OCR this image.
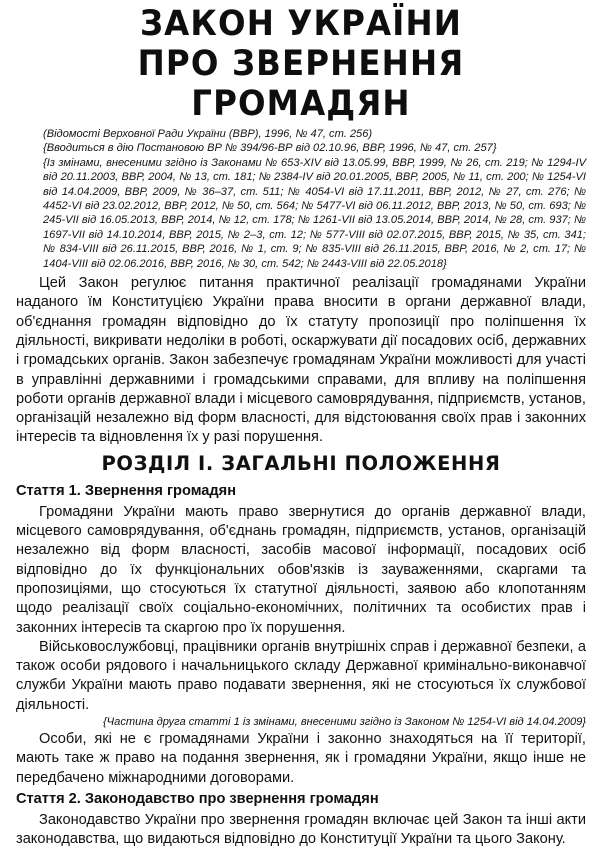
ЗАКОН УКРАЇНИ
ПРО ЗВЕРНЕННЯ ГРОМАДЯН

(Відомості Верховної Ради України (ВВР), 1996, № 47, ст. 256)

{Вводиться в дію Постановою ВР № 394/96-ВР від 02.10.96, ВВР, 1996, № 47, ст. 257}

{Із змінами, внесеними згідно із Законами № 653-XIV від 13.05.99, ВВР, 1999, № 26, ст. 219; № 1294-IV від 20.11.2003, ВВР, 2004, № 13, ст. 181; № 2384-IV від 20.01.2005, ВВР, 2005, № 11, ст. 200; № 1254-VI від 14.04.2009, ВВР, 2009, № 36–37, ст. 511; № 4054-VI від 17.11.2011, ВВР, 2012, № 27, ст. 276; № 4452-VI від 23.02.2012, ВВР, 2012, № 50, ст. 564; № 5477-VI від 06.11.2012, ВВР, 2013, № 50, ст. 693; № 245-VII від 16.05.2013, ВВР, 2014, № 12, ст. 178; № 1261-VII від 13.05.2014, ВВР, 2014, № 28, ст. 937; № 1697-VII від 14.10.2014, ВВР, 2015, № 2–3, ст. 12; № 577-VIII від 02.07.2015, ВВР, 2015, № 35, ст. 341; № 834-VIII від 26.11.2015, ВВР, 2016, № 1, ст. 9; № 835-VIII від 26.11.2015, ВВР, 2016, № 2, ст. 17; № 1404-VIII від 02.06.2016, ВВР, 2016, № 30, ст. 542; № 2443-VIII від 22.05.2018}

Цей Закон регулює питання практичної реалізації громадянами України наданого їм Конституцією України права вносити в органи державної влади, об'єднання громадян відповідно до їх статуту пропозиції про поліпшення їх діяльності, викривати недоліки в роботі, оскаржувати дії посадових осіб, державних і громадських органів. Закон забезпечує громадянам України можливості для участі в управлінні державними і громадськими справами, для впливу на поліпшення роботи органів державної влади і місцевого самоврядування, підприємств, установ, організацій незалежно від форм власності, для відстоювання своїх прав і законних інтересів та відновлення їх у разі порушення.

РОЗДІЛ I. ЗАГАЛЬНІ ПОЛОЖЕННЯ
Стаття 1. Звернення громадян

Громадяни України мають право звернутися до органів державної влади, місцевого самоврядування, об'єднань громадян, підприємств, установ, організацій незалежно від форм власності, засобів масової інформації, посадових осіб відповідно до їх функціональних обов'язків із зауваженнями, скаргами та пропозиціями, що стосуються їх статутної діяльності, заявою або клопотанням щодо реалізації своїх соціально-економічних, політичних та особистих прав і законних інтересів та скаргою про їх порушення.

Військовослужбовці, працівники органів внутрішніх справ і державної безпеки, а також особи рядового і начальницького складу Державної кримінально-виконавчої служби України мають право подавати звернення, які не стосуються їх службової діяльності.

{Частина друга статті 1 із змінами, внесеними згідно із Законом № 1254-VI від 14.04.2009}

Особи, які не є громадянами України і законно знаходяться на її території, мають таке ж право на подання звернення, як і громадяни України, якщо інше не передбачено міжнародними договорами.

Стаття 2. Законодавство про звернення громадян

Законодавство України про звернення громадян включає цей Закон та інші акти законодавства, що видаються відповідно до Конституції України та цього Закону.
